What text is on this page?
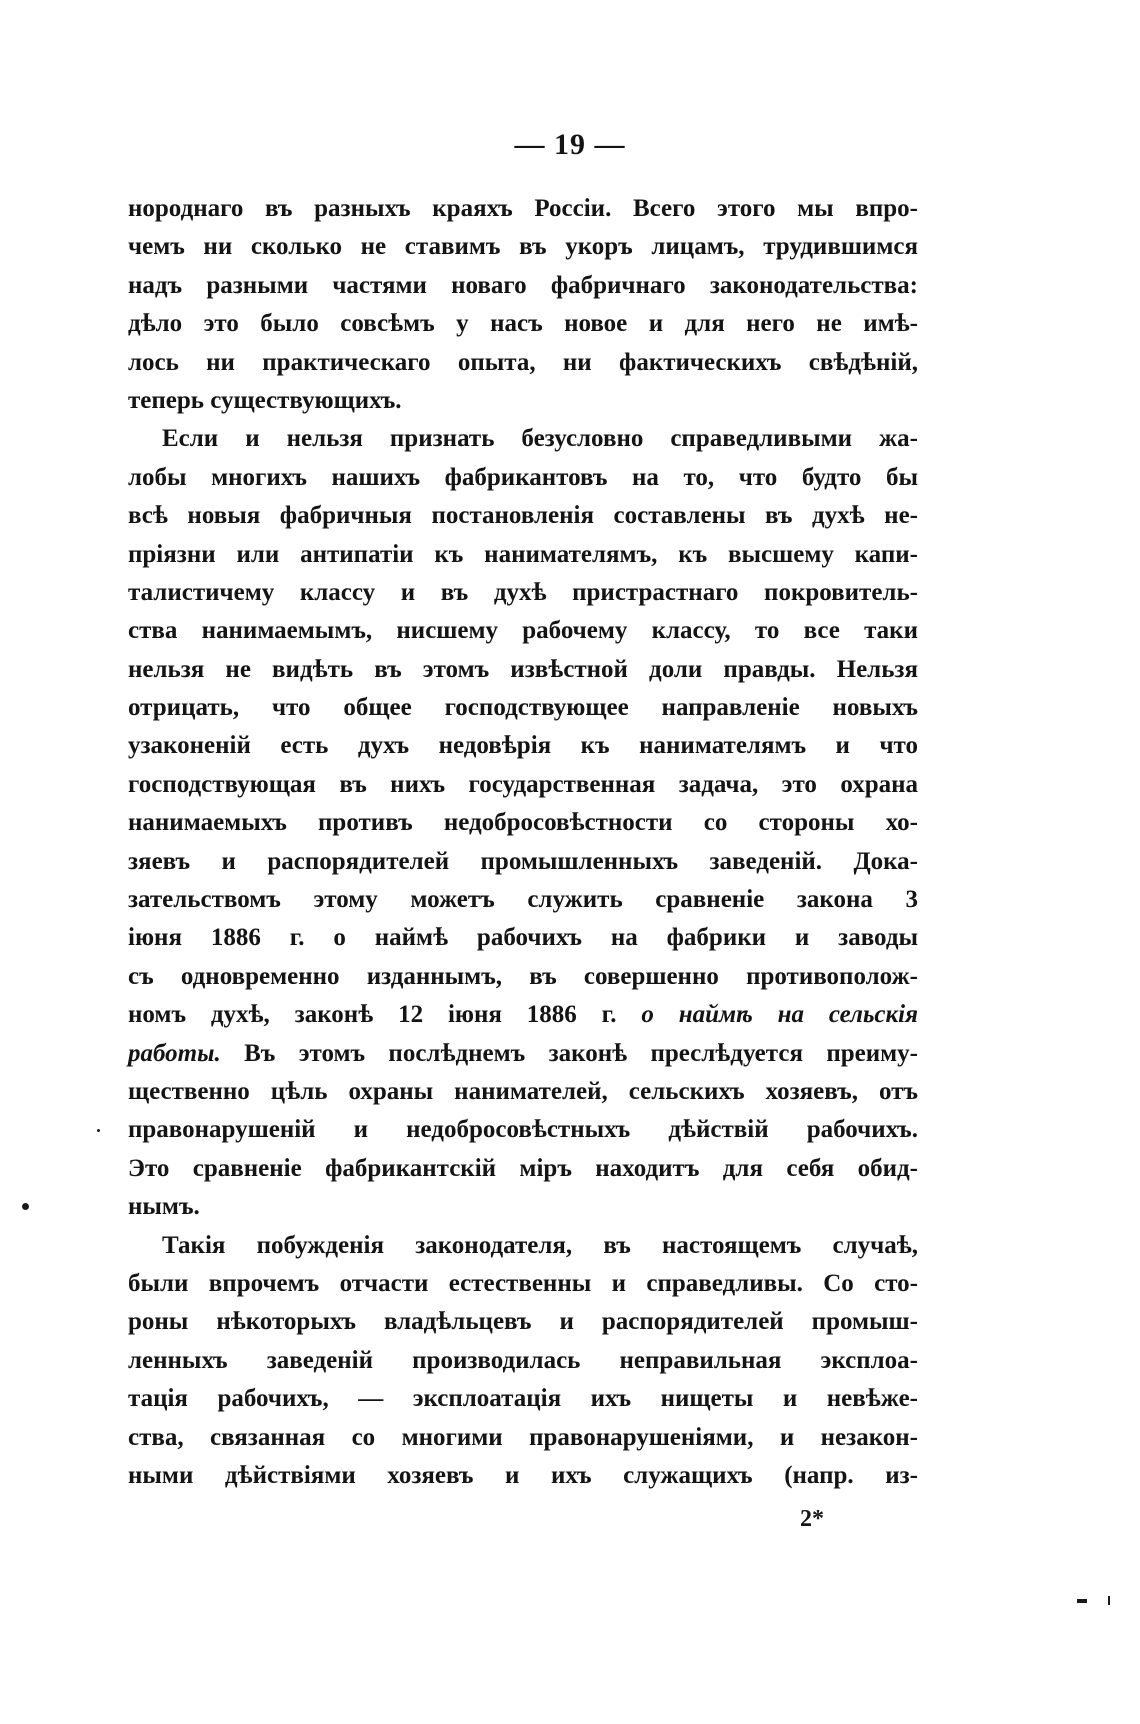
— 19 —
нороднаго въ разныхъ краяхъ Россіи. Всего этого мы впро-
чемъ ни сколько не ставимъ въ укоръ лицамъ, трудившимся
надъ разными частями новаго фабричнаго законодательства:
дѣло это было совсѣмъ у насъ новое и для него не имѣ-
лось ни практическаго опыта, ни фактическихъ свѣдѣній,
теперь существующихъ.
Если и нельзя признать безусловно справедливыми жа-
лобы многихъ нашихъ фабрикантовъ на то, что будто бы
всѣ новыя фабричныя постановленія составлены въ духѣ не-
пріязни или антипатіи къ нанимателямъ, къ высшему капи-
талистичему классу и въ духѣ пристрастнаго покровитель-
ства нанимаемымъ, нисшему рабочему классу, то все таки
нельзя не видѣть въ этомъ извѣстной доли правды. Нельзя
отрицать, что общее господствующее направленіе новыхъ
узаконеній есть духъ недовѣрія къ нанимателямъ и что
господствующая въ нихъ государственная задача, это охрана
нанимаемыхъ противъ недобросовѣстности со стороны хо-
зяевъ и распорядителей промышленныхъ заведеній. Дока-
зательствомъ этому можетъ служить сравненіе закона 3
іюня 1886 г. о наймѣ рабочихъ на фабрики и заводы
съ одновременно изданнымъ, въ совершенно противополож-
номъ духѣ, законѣ 12 іюня 1886 г. о наймѣ на сельскія
работы. Въ этомъ послѣднемъ законѣ преслѣдуется преиму-
щественно цѣль охраны нанимателей, сельскихъ хозяевъ, отъ
правонарушеній и недобросовѣстныхъ дѣйствій рабочихъ.
Это сравненіе фабрикантскій міръ находитъ для себя обид-
нымъ.
Такія побужденія законодателя, въ настоящемъ случаѣ,
были впрочемъ отчасти естественны и справедливы. Со сто-
роны нѣкоторыхъ владѣльцевъ и распорядителей промыш-
ленныхъ заведеній производилась неправильная эксплоа-
тація рабочихъ, — эксплоатація ихъ нищеты и невѣже-
ства, связанная со многими правонарушеніями, и незакон-
ными дѣйствіями хозяевъ и ихъ служащихъ (напр. из-
2*
